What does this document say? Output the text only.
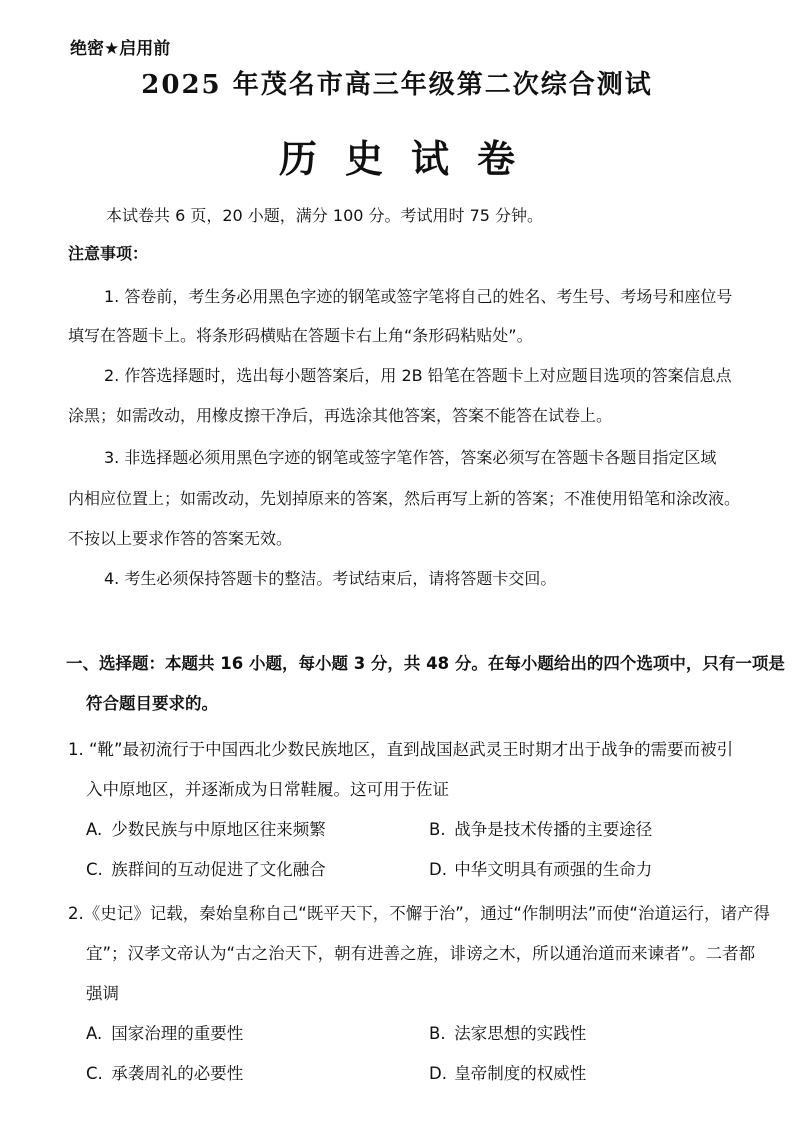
绝密★启用前
2025 年茂名市高三年级第二次综合测试
历史试卷
本试卷共 6 页，20 小题，满分 100 分。考试用时 75 分钟。
注意事项：
1. 答卷前，考生务必用黑色字迹的钢笔或签字笔将自己的姓名、考生号、考场号和座位号
填写在答题卡上。将条形码横贴在答题卡右上角“条形码粘贴处”。
2. 作答选择题时，选出每小题答案后，用 2B 铅笔在答题卡上对应题目选项的答案信息点
涂黑；如需改动，用橡皮擦干净后，再选涂其他答案，答案不能答在试卷上。
3. 非选择题必须用黑色字迹的钢笔或签字笔作答，答案必须写在答题卡各题目指定区域
内相应位置上；如需改动，先划掉原来的答案，然后再写上新的答案；不准使用铅笔和涂改液。
不按以上要求作答的答案无效。
4. 考生必须保持答题卡的整洁。考试结束后，请将答题卡交回。
一、选择题：本题共 16 小题，每小题 3 分，共 48 分。在每小题给出的四个选项中，只有一项是
符合题目要求的。
1. “靴”最初流行于中国西北少数民族地区，直到战国赵武灵王时期才出于战争的需要而被引
入中原地区，并逐渐成为日常鞋履。这可用于佐证
A. 少数民族与中原地区往来频繁	B. 战争是技术传播的主要途径
C. 族群间的互动促进了文化融合	D. 中华文明具有顽强的生命力
2.《史记》记载，秦始皇称自己“既平天下，不懈于治”，通过“作制明法”而使“治道运行，诸产得
宜”；汉孝文帝认为“古之治天下，朝有进善之旌，诽谤之木，所以通治道而来谏者”。二者都
强调
A. 国家治理的重要性	B. 法家思想的实践性
C. 承袭周礼的必要性	D. 皇帝制度的权威性
